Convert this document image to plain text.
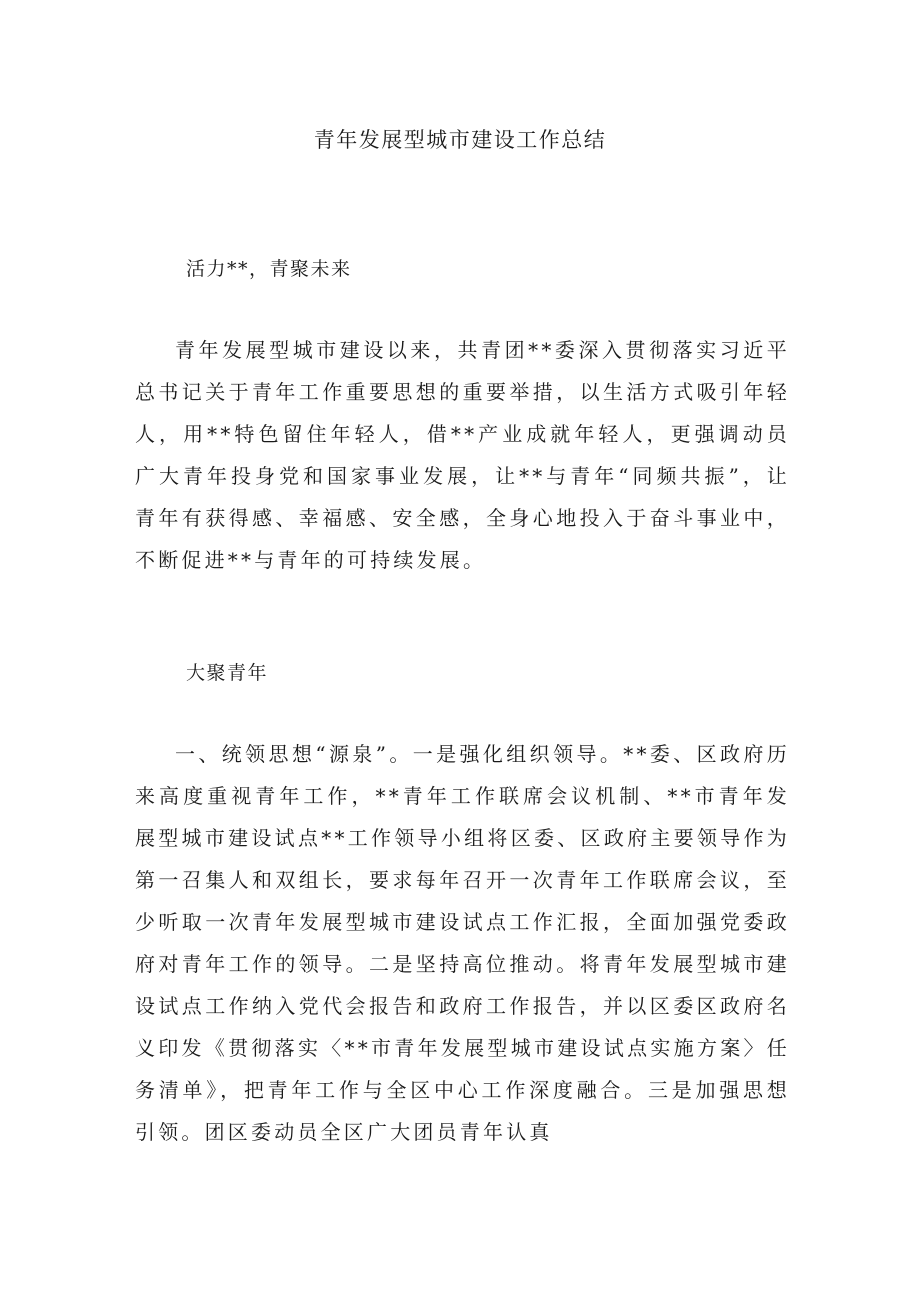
青年发展型城市建设工作总结
活力**，青聚未来
青年发展型城市建设以来，共青团**委深入贯彻落实习近平总书记关于青年工作重要思想的重要举措，以生活方式吸引年轻人，用**特色留住年轻人，借**产业成就年轻人，更强调动员广大青年投身党和国家事业发展，让**与青年“同频共振”，让青年有获得感、幸福感、安全感，全身心地投入于奋斗事业中，不断促进**与青年的可持续发展。
大聚青年
一、统领思想“源泉”。一是强化组织领导。**委、区政府历来高度重视青年工作，**青年工作联席会议机制、**市青年发展型城市建设试点**工作领导小组将区委、区政府主要领导作为第一召集人和双组长，要求每年召开一次青年工作联席会议，至少听取一次青年发展型城市建设试点工作汇报，全面加强党委政府对青年工作的领导。二是坚持高位推动。将青年发展型城市建设试点工作纳入党代会报告和政府工作报告，并以区委区政府名义印发《贯彻落实〈**市青年发展型城市建设试点实施方案〉任务清单》，把青年工作与全区中心工作深度融合。三是加强思想引领。团区委动员全区广大团员青年认真
